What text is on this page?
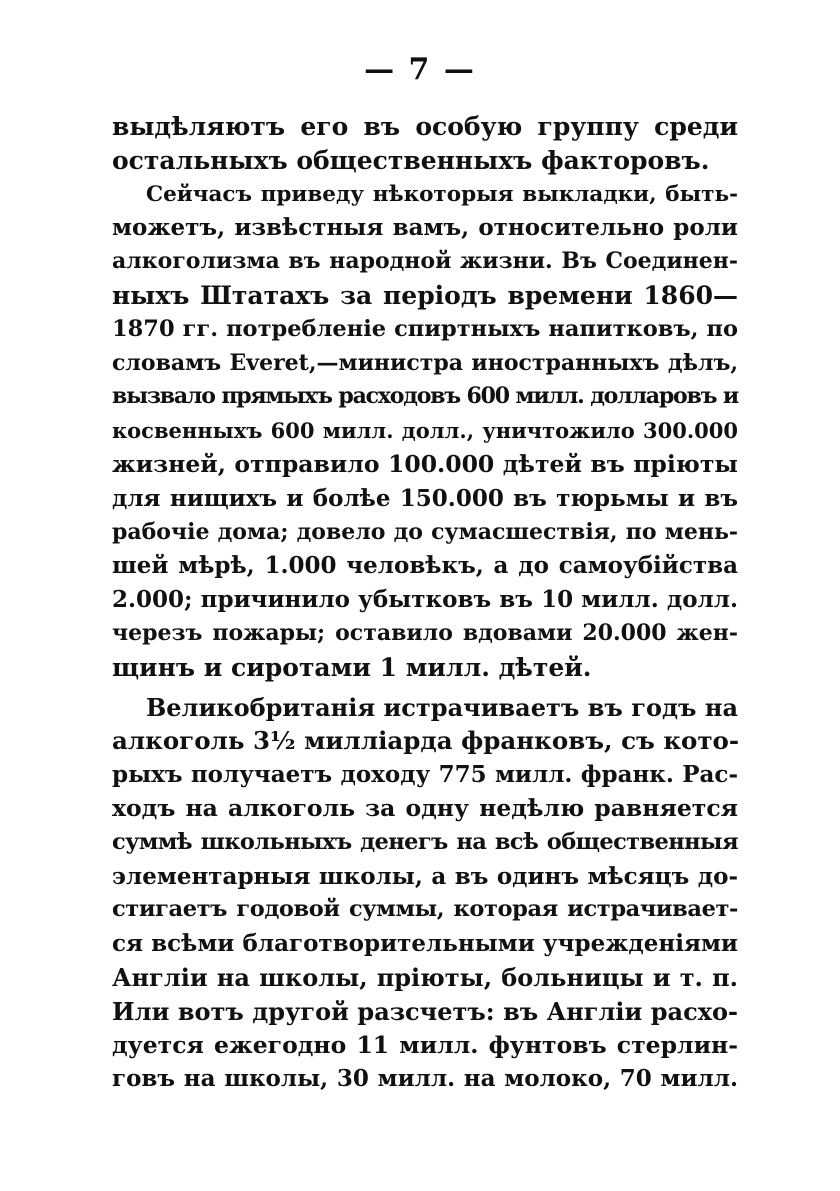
— 7 —
выдѣляютъ его въ особую группу среди
остальныхъ общественныхъ факторовъ.
Сейчасъ приведу нѣкоторыя выкладки, быть-
можетъ, извѣстныя вамъ, относительно роли
алкоголизма въ народной жизни. Въ Соединен-
ныхъ Штатахъ за періодъ времени 1860—
1870 гг. потребленіе спиртныхъ напитковъ, по
словамъ Everet,—министра иностранныхъ дѣлъ,
вызвало прямыхъ расходовъ 600 милл. долларовъ и
косвенныхъ 600 милл. долл., уничтожило 300.000
жизней, отправило 100.000 дѣтей въ пріюты
для нищихъ и болѣе 150.000 въ тюрьмы и въ
рабочіе дома; довело до сумасшествія, по мень-
шей мѣрѣ, 1.000 человѣкъ, а до самоубійства
2.000; причинило убытковъ въ 10 милл. долл.
черезъ пожары; оставило вдовами 20.000 жен-
щинъ и сиротами 1 милл. дѣтей.
Великобританія истрачиваетъ въ годъ на
алкоголь 3½ милліарда франковъ, съ кото-
рыхъ получаетъ доходу 775 милл. франк. Рас-
ходъ на алкоголь за одну недѣлю равняется
суммѣ школьныхъ денегъ на всѣ общественныя
элементарныя школы, а въ одинъ мѣсяцъ до-
стигаетъ годовой суммы, которая истрачивает-
ся всѣми благотворительными учрежденіями
Англіи на школы, пріюты, больницы и т. п.
Или вотъ другой разсчетъ: въ Англіи расхо-
дуется ежегодно 11 милл. фунтовъ стерлин-
говъ на школы, 30 милл. на молоко, 70 милл.
